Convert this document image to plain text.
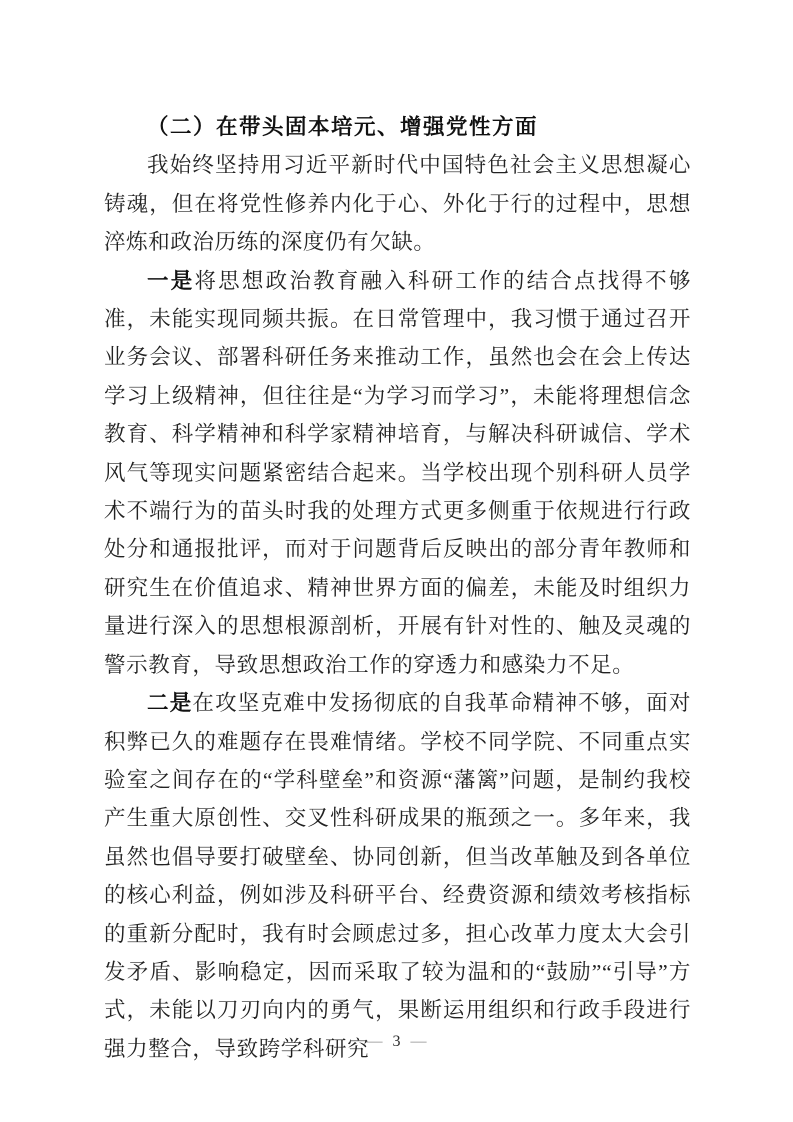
（二）在带头固本培元、增强党性方面

我始终坚持用习近平新时代中国特色社会主义思想凝心铸魂，但在将党性修养内化于心、外化于行的过程中，思想淬炼和政治历练的深度仍有欠缺。

一是将思想政治教育融入科研工作的结合点找得不够准，未能实现同频共振。在日常管理中，我习惯于通过召开业务会议、部署科研任务来推动工作，虽然也会在会上传达学习上级精神，但往往是“为学习而学习”，未能将理想信念教育、科学精神和科学家精神培育，与解决科研诚信、学术风气等现实问题紧密结合起来。当学校出现个别科研人员学术不端行为的苗头时我的处理方式更多侧重于依规进行行政处分和通报批评，而对于问题背后反映出的部分青年教师和研究生在价值追求、精神世界方面的偏差，未能及时组织力量进行深入的思想根源剖析，开展有针对性的、触及灵魂的警示教育，导致思想政治工作的穿透力和感染力不足。

二是在攻坚克难中发扬彻底的自我革命精神不够，面对积弊已久的难题存在畏难情绪。学校不同学院、不同重点实验室之间存在的“学科壁垒”和资源“藩篱”问题，是制约我校产生重大原创性、交叉性科研成果的瓶颈之一。多年来，我虽然也倡导要打破壁垒、协同创新，但当改革触及到各单位的核心利益，例如涉及科研平台、经费资源和绩效考核指标的重新分配时，我有时会顾虑过多，担心改革力度太大会引发矛盾、影响稳定，因而采取了较为温和的“鼓励”“引导”方式，未能以刀刃向内的勇气，果断运用组织和行政手段进行强力整合，导致跨学科研究

— 3 —
